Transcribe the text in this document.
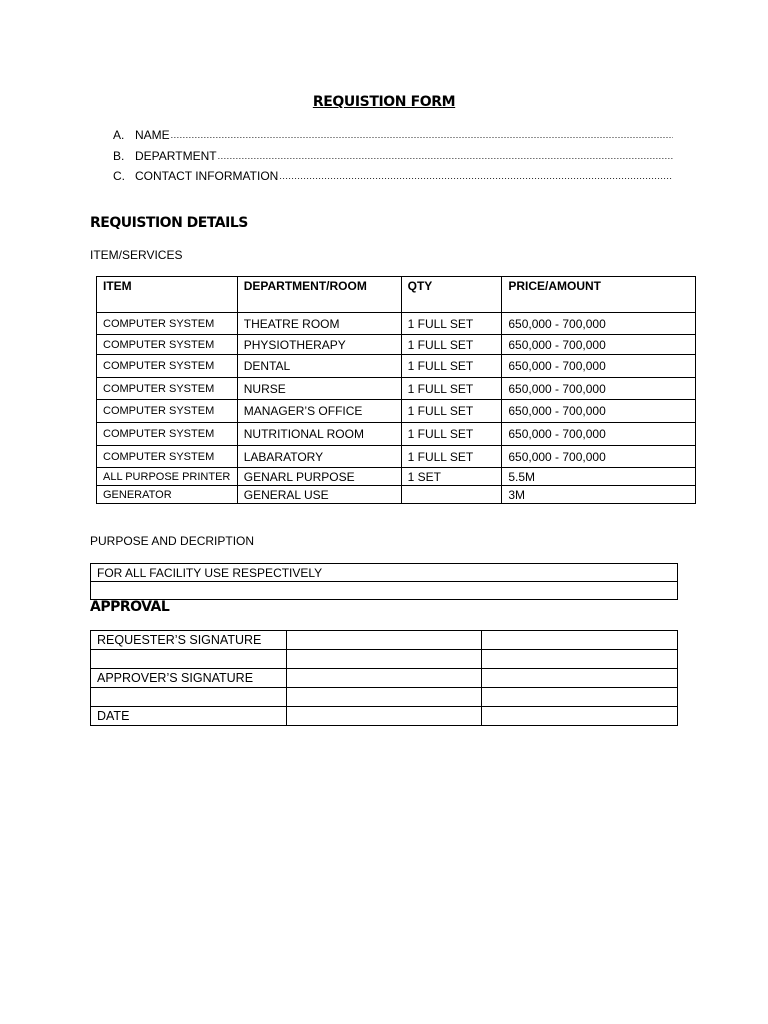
REQUISTION FORM
A. NAME
.....
B. DEPARTMENT
.....
C. CONTACT INFORMATION
.....
REQUISTION DETAILS
ITEM/SERVICES
ITEM	DEPARTMENT/ROOM	QTY	PRICE/AMOUNT
COMPUTER SYSTEM	THEATRE ROOM	1 FULL SET	650,000 - 700,000
COMPUTER SYSTEM	PHYSIOTHERAPY	1 FULL SET	650,000 - 700,000
COMPUTER SYSTEM	DENTAL	1 FULL SET	650,000 - 700,000
COMPUTER SYSTEM	NURSE	1 FULL SET	650,000 - 700,000
COMPUTER SYSTEM	MANAGER’S OFFICE	1 FULL SET	650,000 - 700,000
COMPUTER SYSTEM	NUTRITIONAL ROOM	1 FULL SET	650,000 - 700,000
COMPUTER SYSTEM	LABARATORY	1 FULL SET	650,000 - 700,000
ALL PURPOSE PRINTER	GENARL PURPOSE	1 SET	5.5M
GENERATOR	GENERAL USE		3M
PURPOSE AND DECRIPTION
FOR ALL FACILITY USE RESPECTIVELY

APPROVAL
REQUESTER’S SIGNATURE		

APPROVER’S SIGNATURE		

DATE		
